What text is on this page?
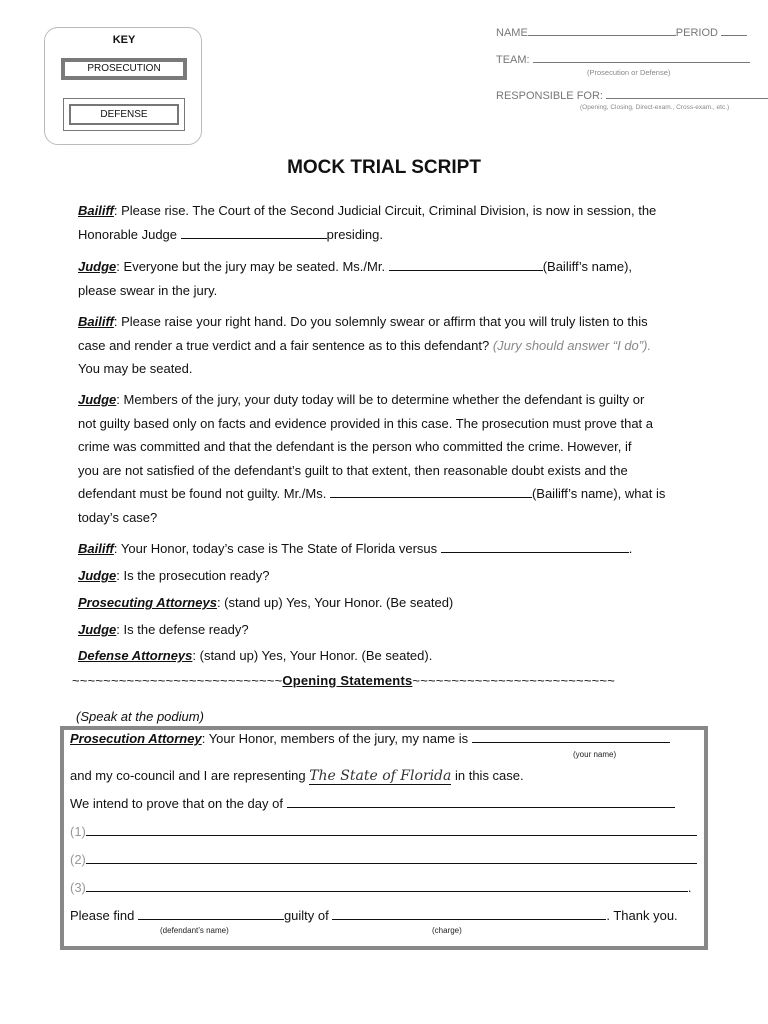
KEY
PROSECUTION
DEFENSE
NAME	PERIOD
TEAM:
(Prosecution or Defense)
RESPONSIBLE FOR:
(Opening, Closing, Direct-exam., Cross-exam., etc.)
MOCK TRIAL SCRIPT
Bailiff: Please rise. The Court of the Second Judicial Circuit, Criminal Division, is now in session, the
Honorable Judge	presiding.
Judge: Everyone but the jury may be seated. Ms./Mr.	(Bailiff’s name),
please swear in the jury.
Bailiff: Please raise your right hand. Do you solemnly swear or affirm that you will truly listen to this
case and render a true verdict and a fair sentence as to this defendant? (Jury should answer “I do”).
You may be seated.
Judge: Members of the jury, your duty today will be to determine whether the defendant is guilty or
not guilty based only on facts and evidence provided in this case. The prosecution must prove that a
crime was committed and that the defendant is the person who committed the crime. However, if
you are not satisfied of the defendant’s guilt to that extent, then reasonable doubt exists and the
defendant must be found not guilty. Mr./Ms.	(Bailiff’s name), what is
today’s case?
Bailiff: Your Honor, today’s case is The State of Florida versus	.
Judge: Is the prosecution ready?
Prosecuting Attorneys: (stand up) Yes, Your Honor. (Be seated)
Judge: Is the defense ready?
Defense Attorneys: (stand up) Yes, Your Honor. (Be seated).
~~~~~~~~~~~~~~~~~~~~~~~~~~~Opening Statements~~~~~~~~~~~~~~~~~~~~~~~~~~
(Speak at the podium)
Prosecution Attorney: Your Honor, members of the jury, my name is
(your name)
and my co-council and I are representing The State of Florida in this case.
We intend to prove that on the day of
(1)
(2)
(3)	.
Please find	guilty of	. Thank you.
(defendant’s name)	(charge)
